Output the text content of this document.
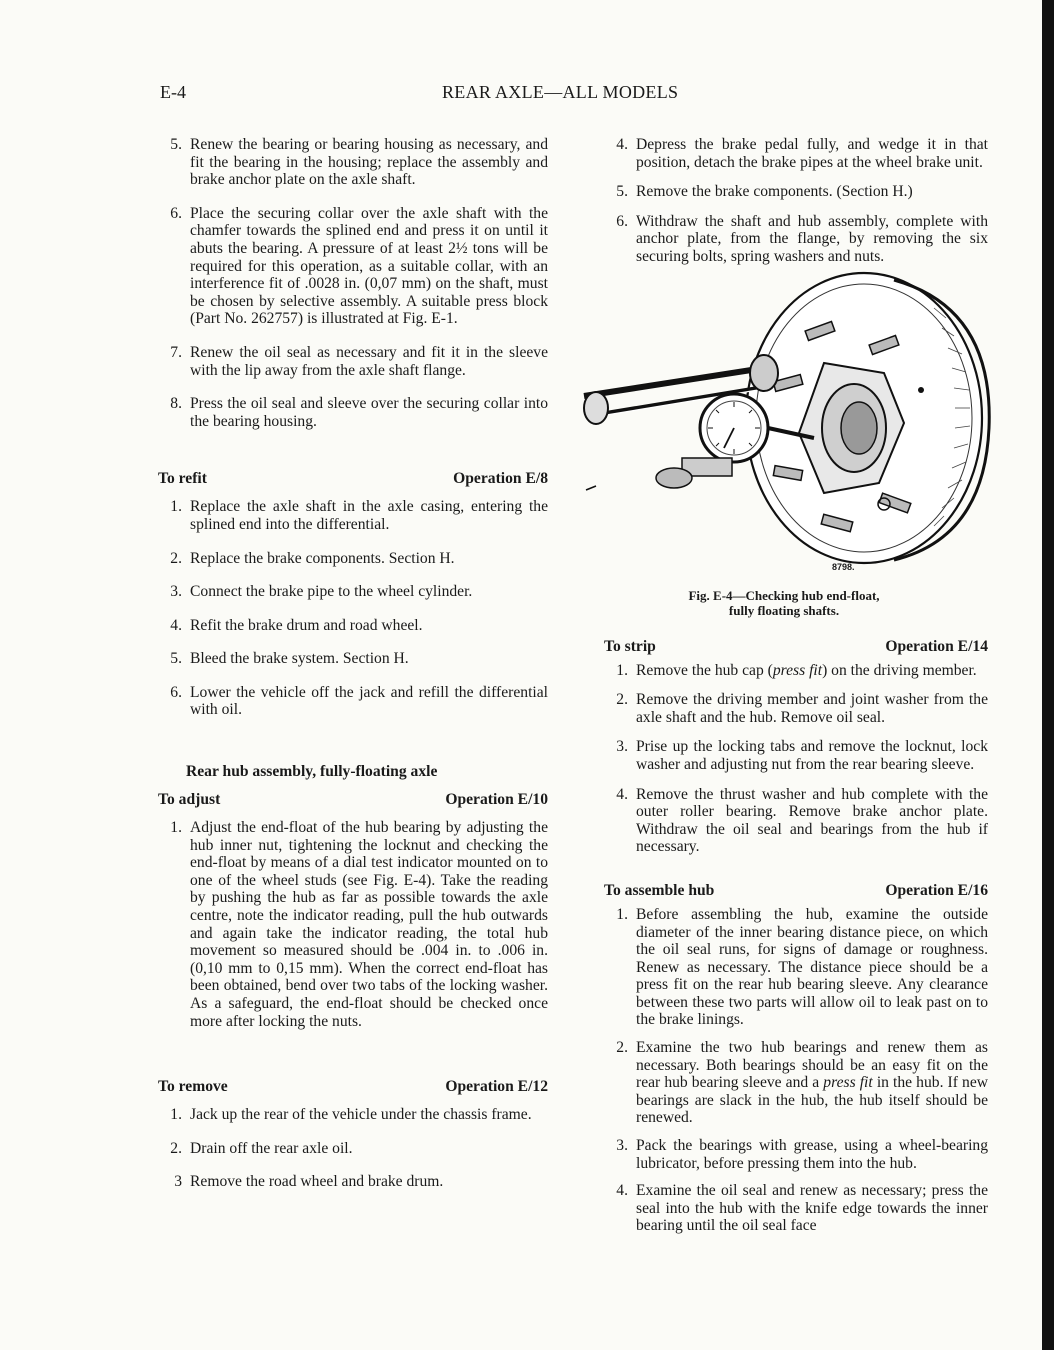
E-4	REAR AXLE—ALL MODELS
5. Renew the bearing or bearing housing as necessary, and fit the bearing in the housing; replace the assembly and brake anchor plate on the axle shaft.
6. Place the securing collar over the axle shaft with the chamfer towards the splined end and press it on until it abuts the bearing. A pressure of at least 2½ tons will be required for this operation, as a suitable collar, with an interference fit of .0028 in. (0,07 mm) on the shaft, must be chosen by selective assembly. A suitable press block (Part No. 262757) is illustrated at Fig. E-1.
7. Renew the oil seal as necessary and fit it in the sleeve with the lip away from the axle shaft flange.
8. Press the oil seal and sleeve over the securing collar into the bearing housing.
To refit	Operation E/8
1. Replace the axle shaft in the axle casing, entering the splined end into the differential.
2. Replace the brake components. Section H.
3. Connect the brake pipe to the wheel cylinder.
4. Refit the brake drum and road wheel.
5. Bleed the brake system. Section H.
6. Lower the vehicle off the jack and refill the differential with oil.
Rear hub assembly, fully-floating axle
To adjust	Operation E/10
1. Adjust the end-float of the hub bearing by adjusting the hub inner nut, tightening the locknut and checking the end-float by means of a dial test indicator mounted on to one of the wheel studs (see Fig. E-4). Take the reading by pushing the hub as far as possible towards the axle centre, note the indicator reading, pull the hub outwards and again take the indicator reading, the total hub movement so measured should be .004 in. to .006 in. (0,10 mm to 0,15 mm). When the correct end-float has been obtained, bend over two tabs of the locking washer. As a safeguard, the end-float should be checked once more after locking the nuts.
To remove	Operation E/12
1. Jack up the rear of the vehicle under the chassis frame.
2. Drain off the rear axle oil.
3 Remove the road wheel and brake drum.
4. Depress the brake pedal fully, and wedge it in that position, detach the brake pipes at the wheel brake unit.
5. Remove the brake components. (Section H.)
6. Withdraw the shaft and hub assembly, complete with anchor plate, from the flange, by removing the six securing bolts, spring washers and nuts.
8798.
Fig. E-4—Checking hub end-float,
fully floating shafts.
To strip	Operation E/14
1. Remove the hub cap (press fit) on the driving member.
2. Remove the driving member and joint washer from the axle shaft and the hub. Remove oil seal.
3. Prise up the locking tabs and remove the locknut, lock washer and adjusting nut from the rear bearing sleeve.
4. Remove the thrust washer and hub complete with the outer roller bearing. Remove brake anchor plate. Withdraw the oil seal and bearings from the hub if necessary.
To assemble hub	Operation E/16
1. Before assembling the hub, examine the outside diameter of the inner bearing distance piece, on which the oil seal runs, for signs of damage or roughness. Renew as necessary. The distance piece should be a press fit on the rear hub bearing sleeve. Any clearance between these two parts will allow oil to leak past on to the brake linings.
2. Examine the two hub bearings and renew them as necessary. Both bearings should be an easy fit on the rear hub bearing sleeve and a press fit in the hub. If new bearings are slack in the hub, the hub itself should be renewed.
3. Pack the bearings with grease, using a wheel-bearing lubricator, before pressing them into the hub.
4. Examine the oil seal and renew as necessary; press the seal into the hub with the knife edge towards the inner bearing until the oil seal face
